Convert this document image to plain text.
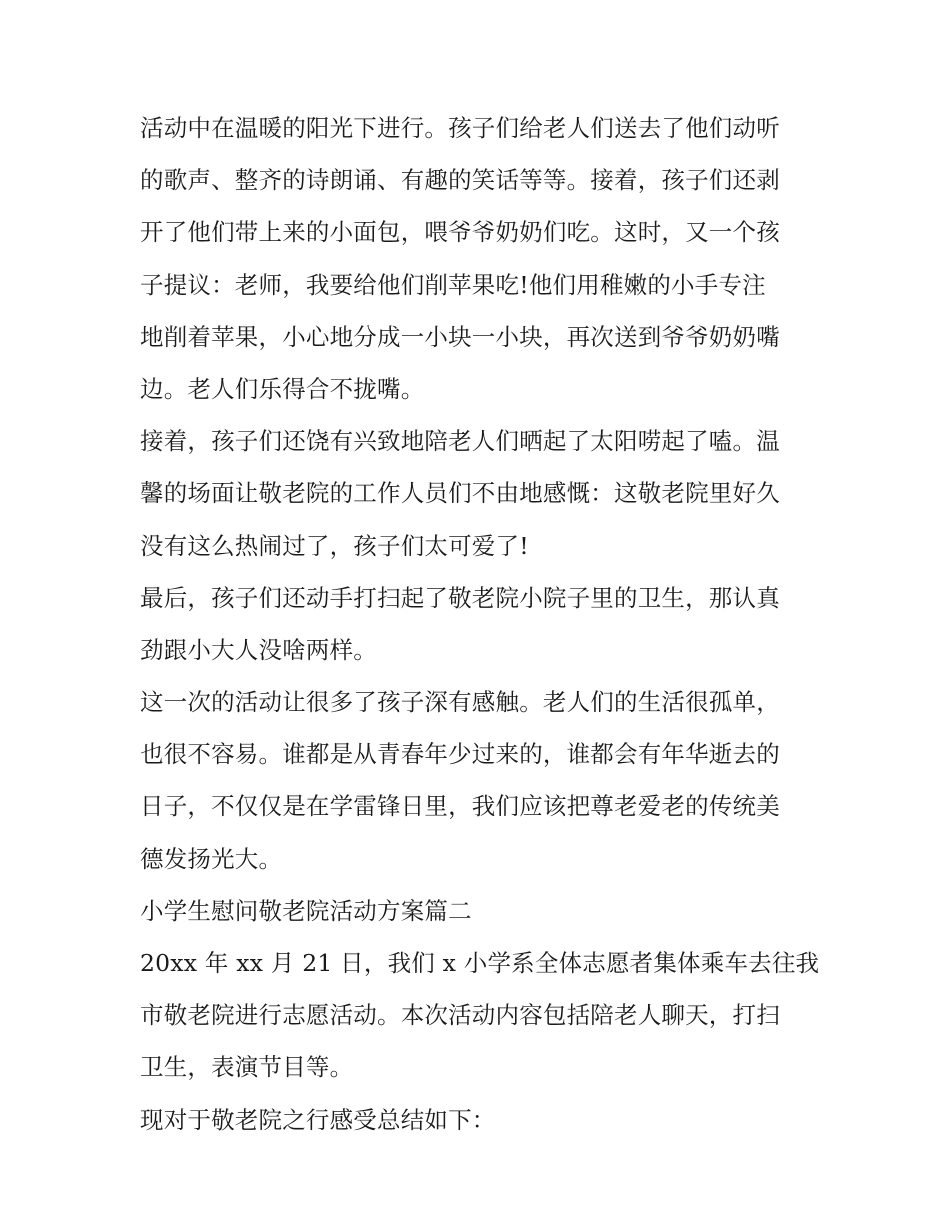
活动中在温暖的阳光下进行。孩子们给老人们送去了他们动听
的歌声、整齐的诗朗诵、有趣的笑话等等。接着，孩子们还剥
开了他们带上来的小面包，喂爷爷奶奶们吃。这时，又一个孩
子提议：老师，我要给他们削苹果吃!他们用稚嫩的小手专注
地削着苹果，小心地分成一小块一小块，再次送到爷爷奶奶嘴
边。老人们乐得合不拢嘴。
接着，孩子们还饶有兴致地陪老人们晒起了太阳唠起了嗑。温
馨的场面让敬老院的工作人员们不由地感慨：这敬老院里好久
没有这么热闹过了，孩子们太可爱了!
最后，孩子们还动手打扫起了敬老院小院子里的卫生，那认真
劲跟小大人没啥两样。
这一次的活动让很多了孩子深有感触。老人们的生活很孤单，
也很不容易。谁都是从青春年少过来的，谁都会有年华逝去的
日子，不仅仅是在学雷锋日里，我们应该把尊老爱老的传统美
德发扬光大。
小学生慰问敬老院活动方案篇二
20xx 年 xx 月 21 日，我们 x 小学系全体志愿者集体乘车去往我
市敬老院进行志愿活动。本次活动内容包括陪老人聊天，打扫
卫生，表演节目等。
现对于敬老院之行感受总结如下：
